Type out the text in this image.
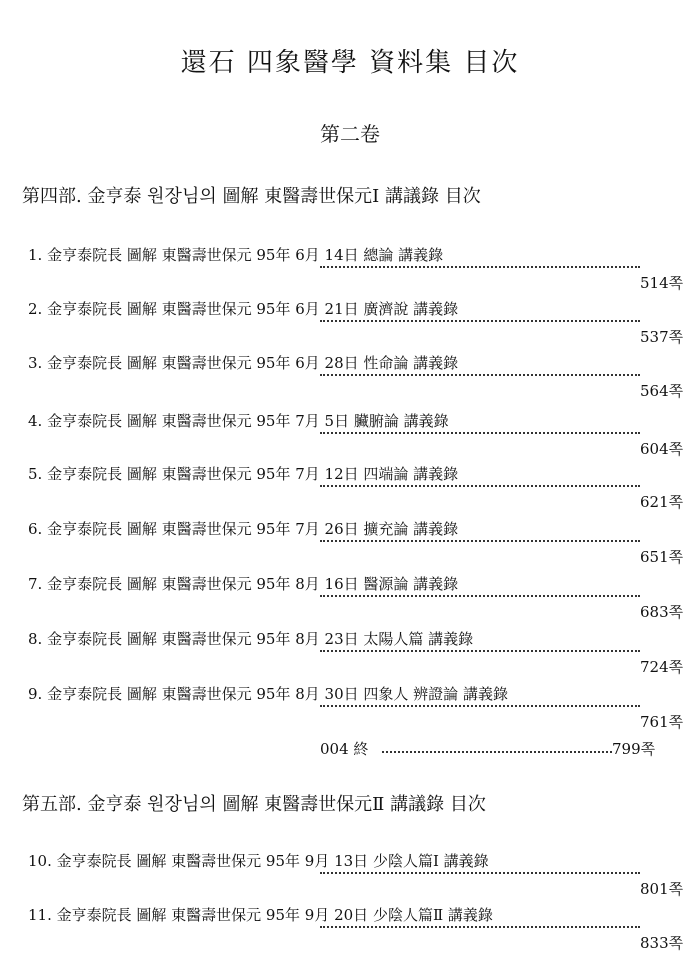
還石 四象醫學 資料集 目次
第二卷
第四部. 金亨泰 원장님의 圖解 東醫壽世保元Ⅰ 講議錄 目次
1. 金亨泰院長 圖解 東醫壽世保元 95年 6月 14日 總論 講義錄
514쪽
2. 金亨泰院長 圖解 東醫壽世保元 95年 6月 21日 廣濟說 講義錄
537쪽
3. 金亨泰院長 圖解 東醫壽世保元 95年 6月 28日 性命論 講義錄
564쪽
4. 金亨泰院長 圖解 東醫壽世保元 95年 7月 5日 臟腑論 講義錄
604쪽
5. 金亨泰院長 圖解 東醫壽世保元 95年 7月 12日 四端論 講義錄
621쪽
6. 金亨泰院長 圖解 東醫壽世保元 95年 7月 26日 擴充論 講義錄
651쪽
7. 金亨泰院長 圖解 東醫壽世保元 95年 8月 16日 醫源論 講義錄
683쪽
8. 金亨泰院長 圖解 東醫壽世保元 95年 8月 23日 太陽人篇 講義錄
724쪽
9. 金亨泰院長 圖解 東醫壽世保元 95年 8月 30日 四象人 辨證論 講義錄
761쪽
004 終	799쪽
第五部. 金亨泰 원장님의 圖解 東醫壽世保元Ⅱ 講議錄 目次
10. 金亨泰院長 圖解 東醫壽世保元 95年 9月 13日 少陰人篇Ⅰ 講義錄
801쪽
11. 金亨泰院長 圖解 東醫壽世保元 95年 9月 20日 少陰人篇Ⅱ 講義錄
833쪽
